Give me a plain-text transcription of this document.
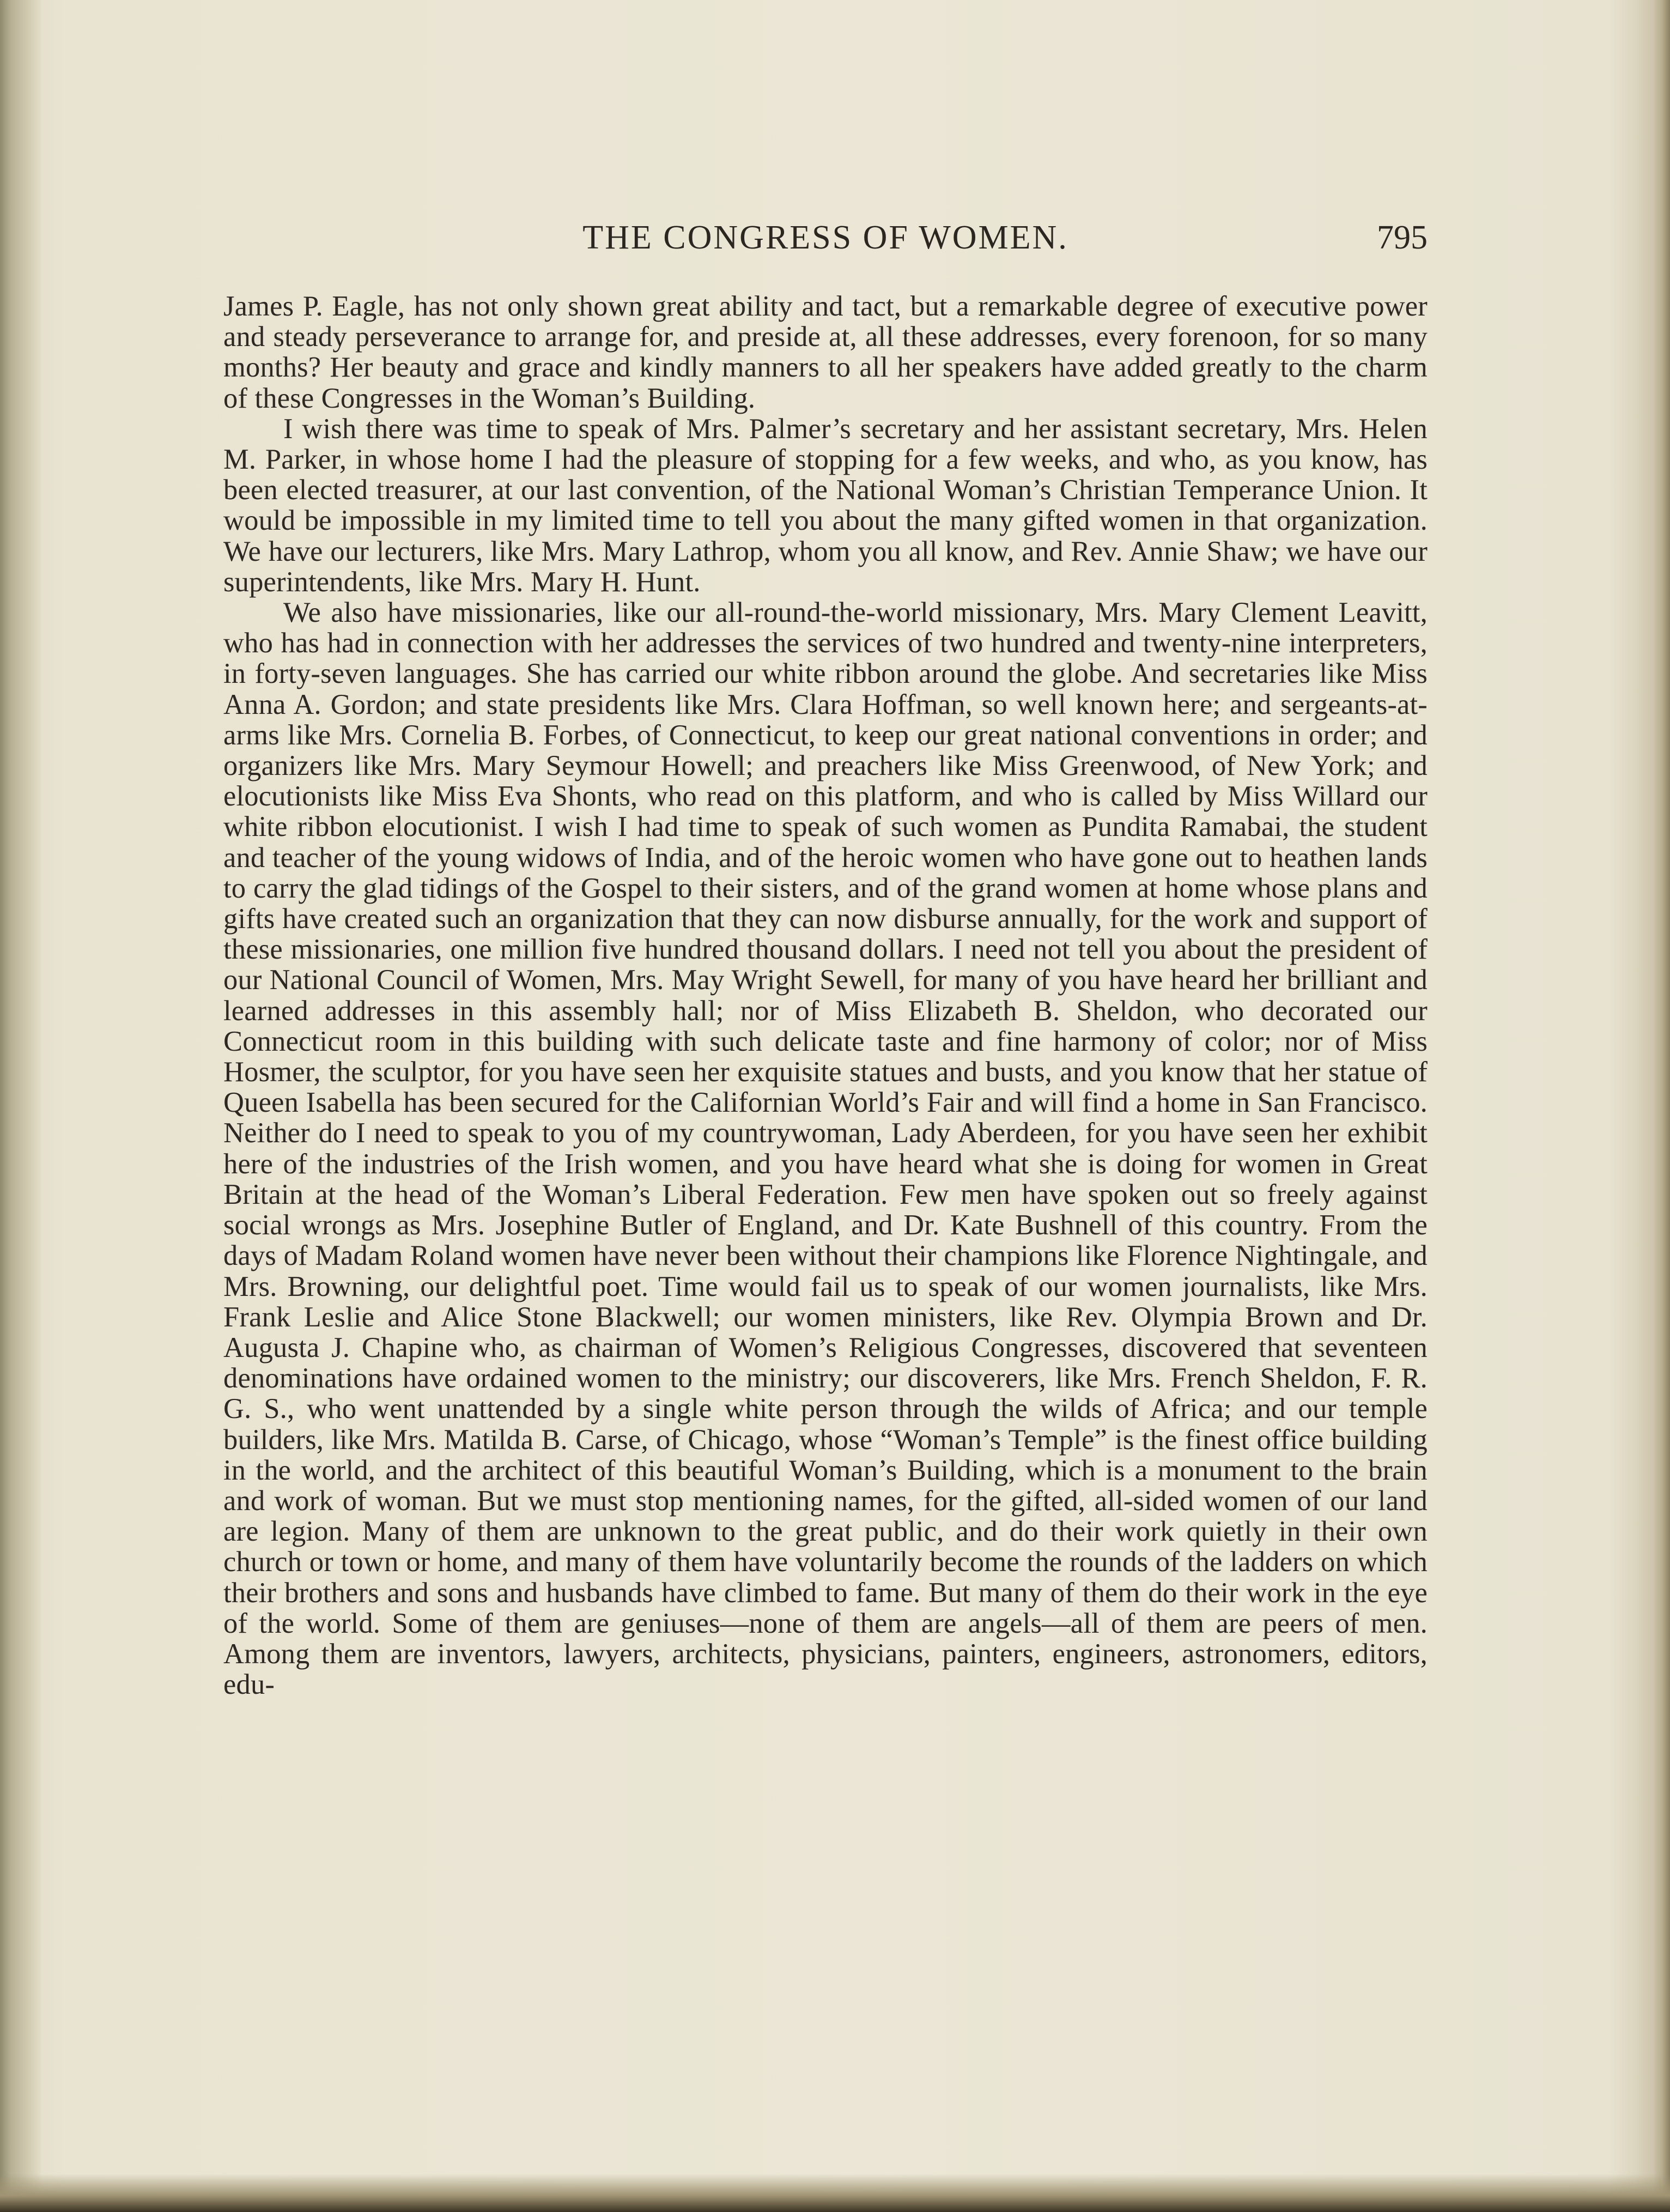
THE CONGRESS OF WOMEN.	795

James P. Eagle, has not only shown great ability and tact, but a remarkable degree of executive power and steady perseverance to arrange for, and preside at, all these addresses, every forenoon, for so many months? Her beauty and grace and kindly manners to all her speakers have added greatly to the charm of these Congresses in the Woman’s Building.

I wish there was time to speak of Mrs. Palmer’s secretary and her assistant secretary, Mrs. Helen M. Parker, in whose home I had the pleasure of stopping for a few weeks, and who, as you know, has been elected treasurer, at our last convention, of the National Woman’s Christian Temperance Union. It would be impossible in my limited time to tell you about the many gifted women in that organization. We have our lecturers, like Mrs. Mary Lathrop, whom you all know, and Rev. Annie Shaw; we have our superintendents, like Mrs. Mary H. Hunt.

We also have missionaries, like our all-round-the-world missionary, Mrs. Mary Clement Leavitt, who has had in connection with her addresses the services of two hundred and twenty-nine interpreters, in forty-seven languages. She has carried our white ribbon around the globe. And secretaries like Miss Anna A. Gordon; and state presidents like Mrs. Clara Hoffman, so well known here; and sergeants-at-arms like Mrs. Cornelia B. Forbes, of Connecticut, to keep our great national conventions in order; and organizers like Mrs. Mary Seymour Howell; and preachers like Miss Greenwood, of New York; and elocutionists like Miss Eva Shonts, who read on this platform, and who is called by Miss Willard our white ribbon elocutionist. I wish I had time to speak of such women as Pundita Ramabai, the student and teacher of the young widows of India, and of the heroic women who have gone out to heathen lands to carry the glad tidings of the Gospel to their sisters, and of the grand women at home whose plans and gifts have created such an organization that they can now disburse annually, for the work and support of these missionaries, one million five hundred thousand dollars. I need not tell you about the president of our National Council of Women, Mrs. May Wright Sewell, for many of you have heard her brilliant and learned addresses in this assembly hall; nor of Miss Elizabeth B. Sheldon, who decorated our Connecticut room in this building with such delicate taste and fine harmony of color; nor of Miss Hosmer, the sculptor, for you have seen her exquisite statues and busts, and you know that her statue of Queen Isabella has been secured for the Californian World’s Fair and will find a home in San Francisco. Neither do I need to speak to you of my countrywoman, Lady Aberdeen, for you have seen her exhibit here of the industries of the Irish women, and you have heard what she is doing for women in Great Britain at the head of the Woman’s Liberal Federation. Few men have spoken out so freely against social wrongs as Mrs. Josephine Butler of England, and Dr. Kate Bushnell of this country. From the days of Madam Roland women have never been without their champions like Florence Nightingale, and Mrs. Browning, our delightful poet. Time would fail us to speak of our women journalists, like Mrs. Frank Leslie and Alice Stone Blackwell; our women ministers, like Rev. Olympia Brown and Dr. Augusta J. Chapine who, as chairman of Women’s Religious Congresses, discovered that seventeen denominations have ordained women to the ministry; our discoverers, like Mrs. French Sheldon, F. R. G. S., who went unattended by a single white person through the wilds of Africa; and our temple builders, like Mrs. Matilda B. Carse, of Chicago, whose “Woman’s Temple” is the finest office building in the world, and the architect of this beautiful Woman’s Building, which is a monument to the brain and work of woman. But we must stop mentioning names, for the gifted, all-sided women of our land are legion. Many of them are unknown to the great public, and do their work quietly in their own church or town or home, and many of them have voluntarily become the rounds of the ladders on which their brothers and sons and husbands have climbed to fame. But many of them do their work in the eye of the world. Some of them are geniuses—none of them are angels—all of them are peers of men. Among them are inventors, lawyers, architects, physicians, painters, engineers, astronomers, editors, edu-
